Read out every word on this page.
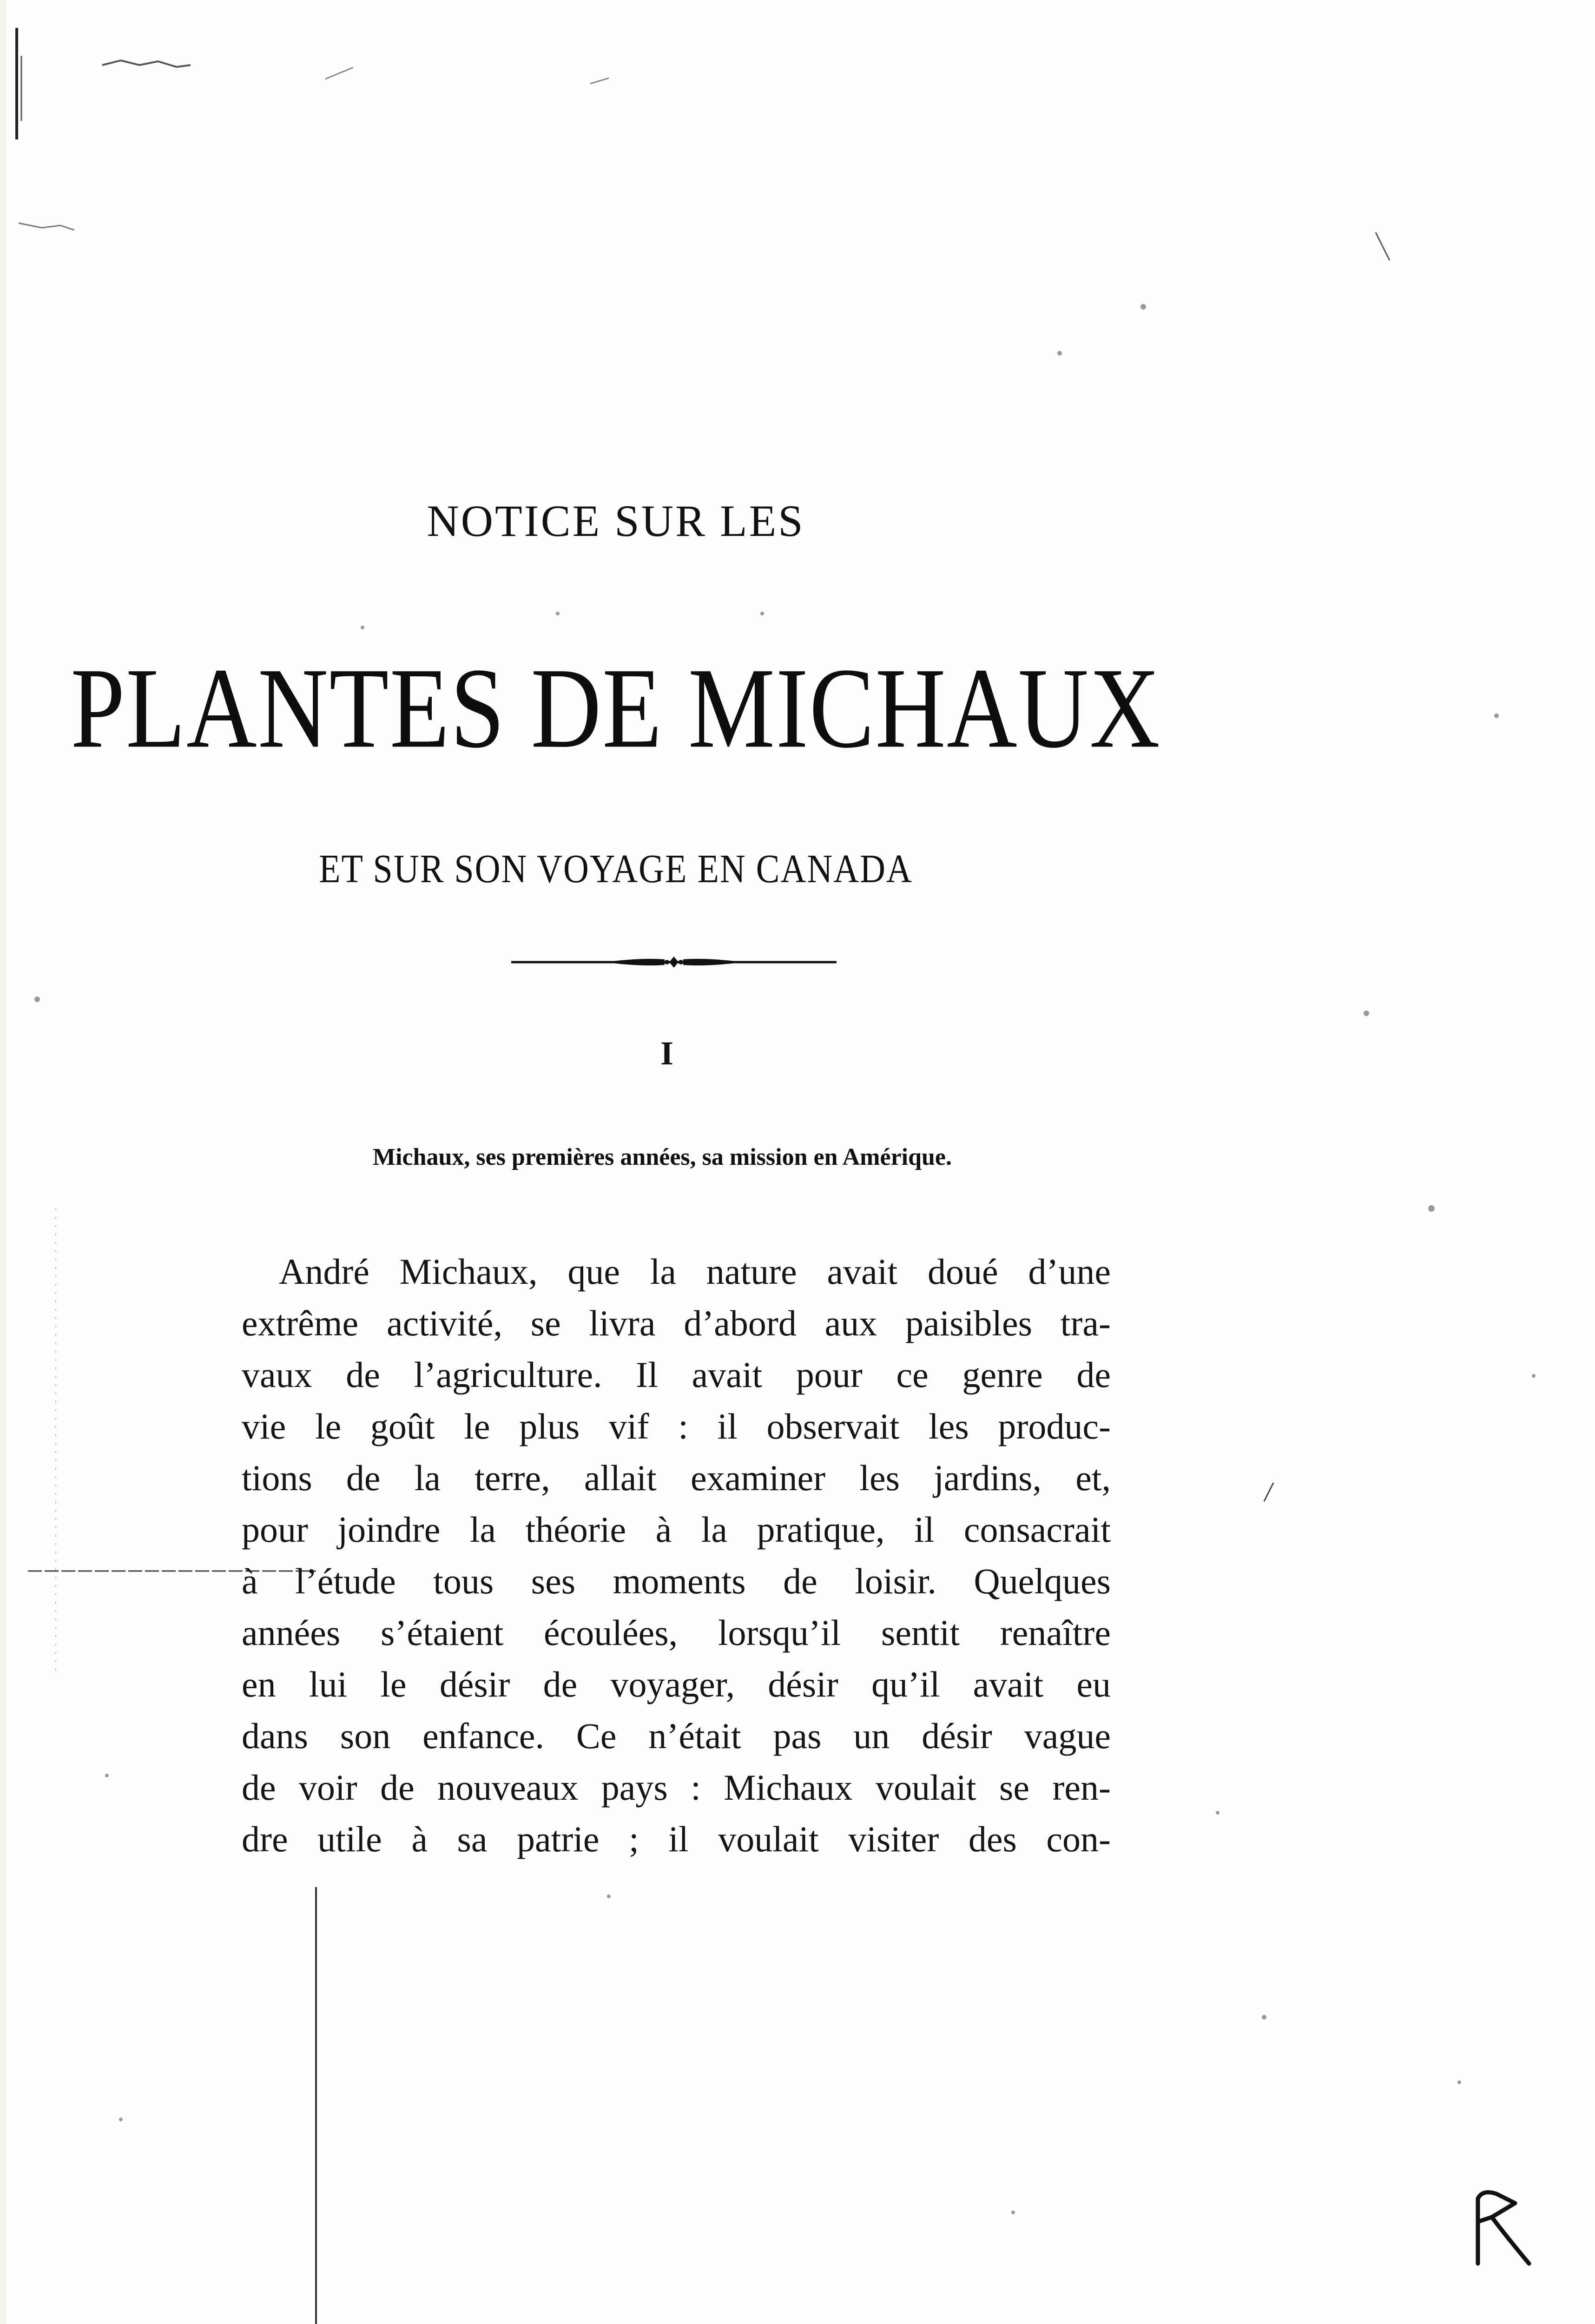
NOTICE SUR LES
PLANTES DE MICHAUX
ET SUR SON VOYAGE EN CANADA
I
Michaux, ses premières années, sa mission en Amérique.
André Michaux, que la nature avait doué d’une
extrême activité, se livra d’abord aux paisibles tra-
vaux de l’agriculture. Il avait pour ce genre de
vie le goût le plus vif : il observait les produc-
tions de la terre, allait examiner les jardins, et,
pour joindre la théorie à la pratique, il consacrait
à l’étude tous ses moments de loisir. Quelques
années s’étaient écoulées, lorsqu’il sentit renaître
en lui le désir de voyager, désir qu’il avait eu
dans son enfance. Ce n’était pas un désir vague
de voir de nouveaux pays : Michaux voulait se ren-
dre utile à sa patrie ; il voulait visiter des con-
